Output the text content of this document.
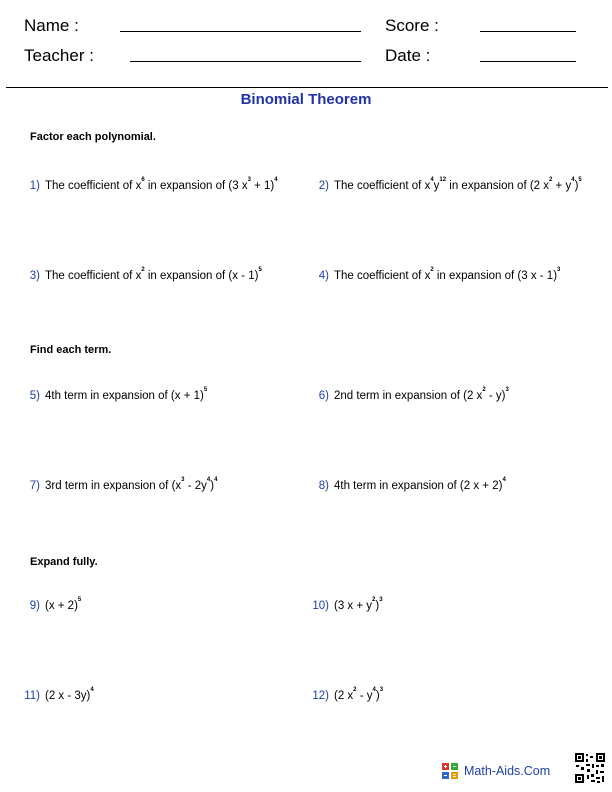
Name :	Score :
Teacher :	Date :
Binomial Theorem
Factor each polynomial.
Find each term.
Expand fully.
1) The coefficient of $x^6$ in expansion of (3 $x^3 + 1)^4$	2) The coefficient of $x^4y^{12}$ in expansion of (2 $x^2 + y^4)^5$
3) The coefficient of $x^2$ in expansion of (x - 1)$^5$	4) The coefficient of $x^2$ in expansion of (3 x - 1)$^3$
5) 4th term in expansion of $(x + 1)^5$	6) 2nd term in expansion of (2 $x^2 - y)^3$
7) 3rd term in expansion of $(x^3 - 2y^4)^4$	8) 4th term in expansion of (2 x + 2)$^4$
9) $(x + 2)^5$	10) (3 $x + y^2)^3$
11) (2 x - 3y)$^4$	12) (2 $x^2 - y^4)^3$
Math-Aids.Com
